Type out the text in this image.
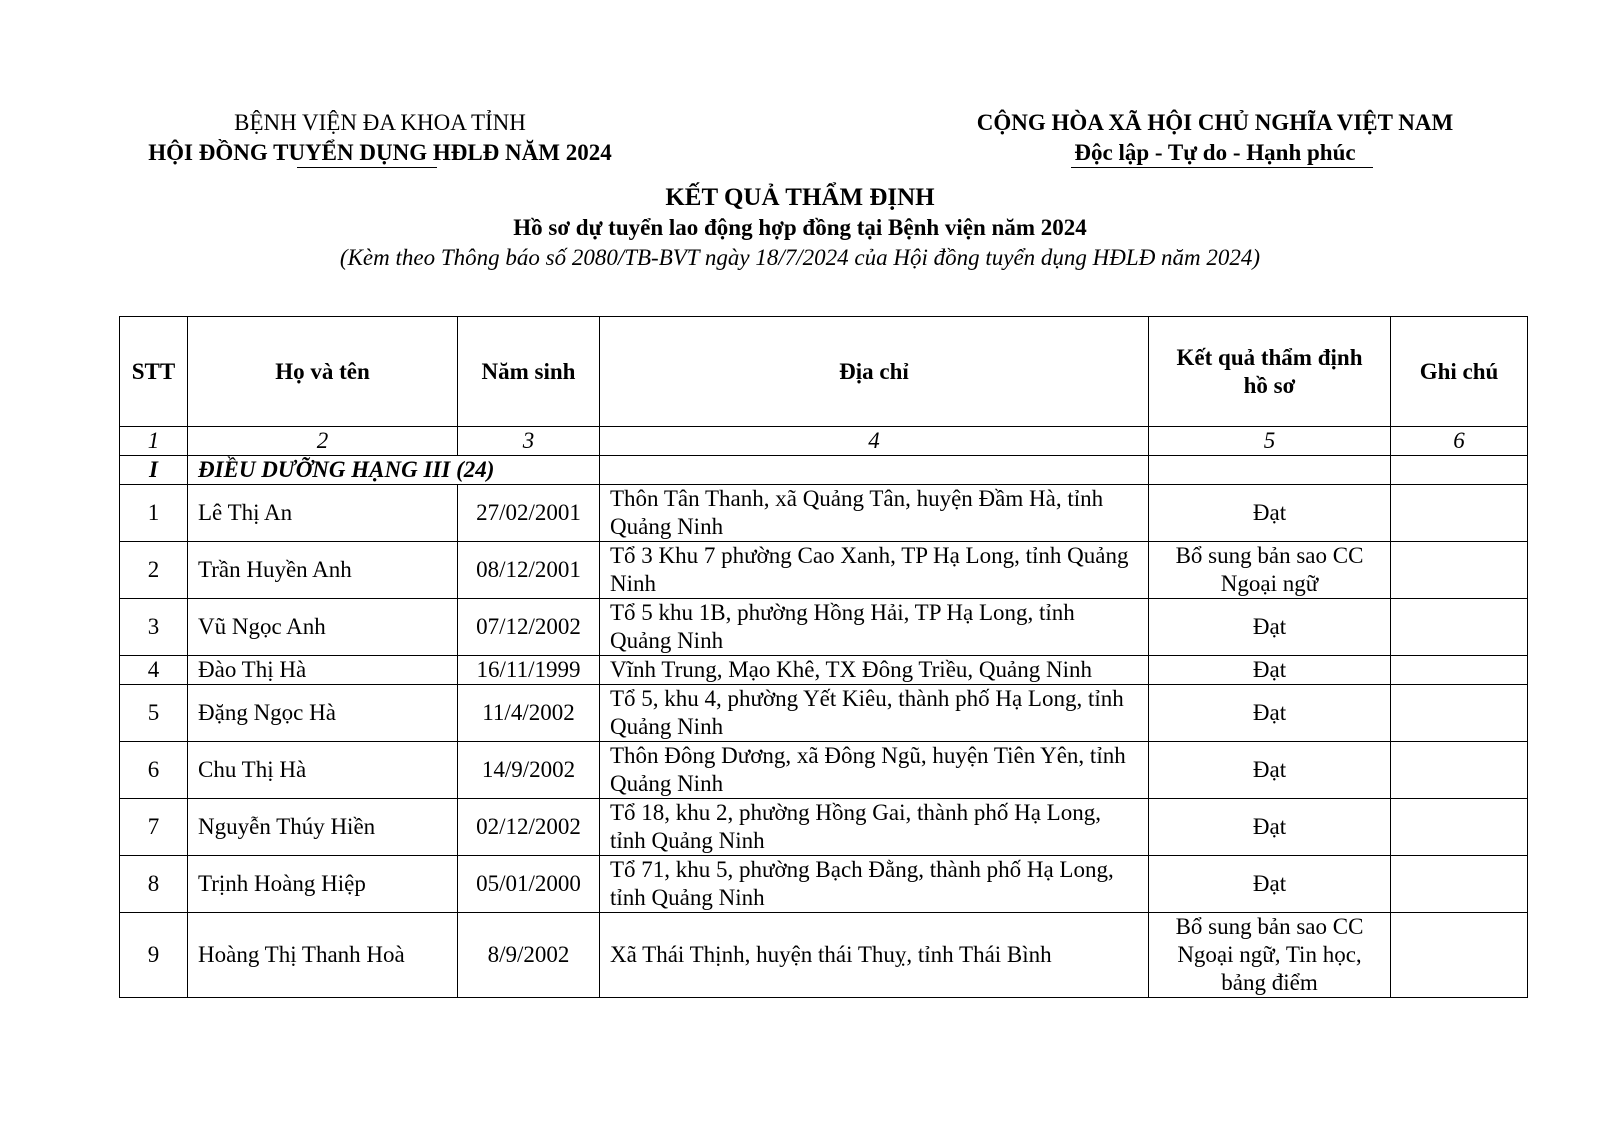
BỆNH VIỆN ĐA KHOA TỈNH
HỘI ĐỒNG TUYỂN DỤNG HĐLĐ NĂM 2024
CỘNG HÒA XÃ HỘI CHỦ NGHĨA VIỆT NAM
Độc lập - Tự do - Hạnh phúc
KẾT QUẢ THẨM ĐỊNH
Hồ sơ dự tuyển lao động hợp đồng tại Bệnh viện năm 2024
(Kèm theo Thông báo số 2080/TB-BVT ngày 18/7/2024 của Hội đồng tuyển dụng HĐLĐ năm 2024)
STT	Họ và tên	Năm sinh	Địa chỉ	Kết quả thẩm định hồ sơ	Ghi chú
1	2	3	4	5	6
I	ĐIỀU DƯỠNG HẠNG III (24)				
1	Lê Thị An	27/02/2001	Thôn Tân Thanh, xã Quảng Tân, huyện Đầm Hà, tỉnh Quảng Ninh	Đạt	
2	Trần Huyền Anh	08/12/2001	Tổ 3 Khu 7 phường Cao Xanh, TP Hạ Long, tỉnh Quảng Ninh	Bổ sung bản sao CC Ngoại ngữ	
3	Vũ Ngọc Anh	07/12/2002	Tổ 5 khu 1B, phường Hồng Hải, TP Hạ Long, tỉnh Quảng Ninh	Đạt	
4	Đào Thị Hà	16/11/1999	Vĩnh Trung, Mạo Khê, TX Đông Triều, Quảng Ninh	Đạt	
5	Đặng Ngọc Hà	11/4/2002	Tổ 5, khu 4, phường Yết Kiêu, thành phố Hạ Long, tỉnh Quảng Ninh	Đạt	
6	Chu Thị Hà	14/9/2002	Thôn Đông Dương, xã Đông Ngũ, huyện Tiên Yên, tỉnh Quảng Ninh	Đạt	
7	Nguyễn Thúy Hiền	02/12/2002	Tổ 18, khu 2, phường Hồng Gai, thành phố Hạ Long, tỉnh Quảng Ninh	Đạt	
8	Trịnh Hoàng Hiệp	05/01/2000	Tổ 71, khu 5, phường Bạch Đằng, thành phố Hạ Long, tỉnh Quảng Ninh	Đạt	
9	Hoàng Thị Thanh Hoà	8/9/2002	Xã Thái Thịnh, huyện thái Thuỵ, tỉnh Thái Bình	Bổ sung bản sao CC Ngoại ngữ, Tin học, bảng điểm	
